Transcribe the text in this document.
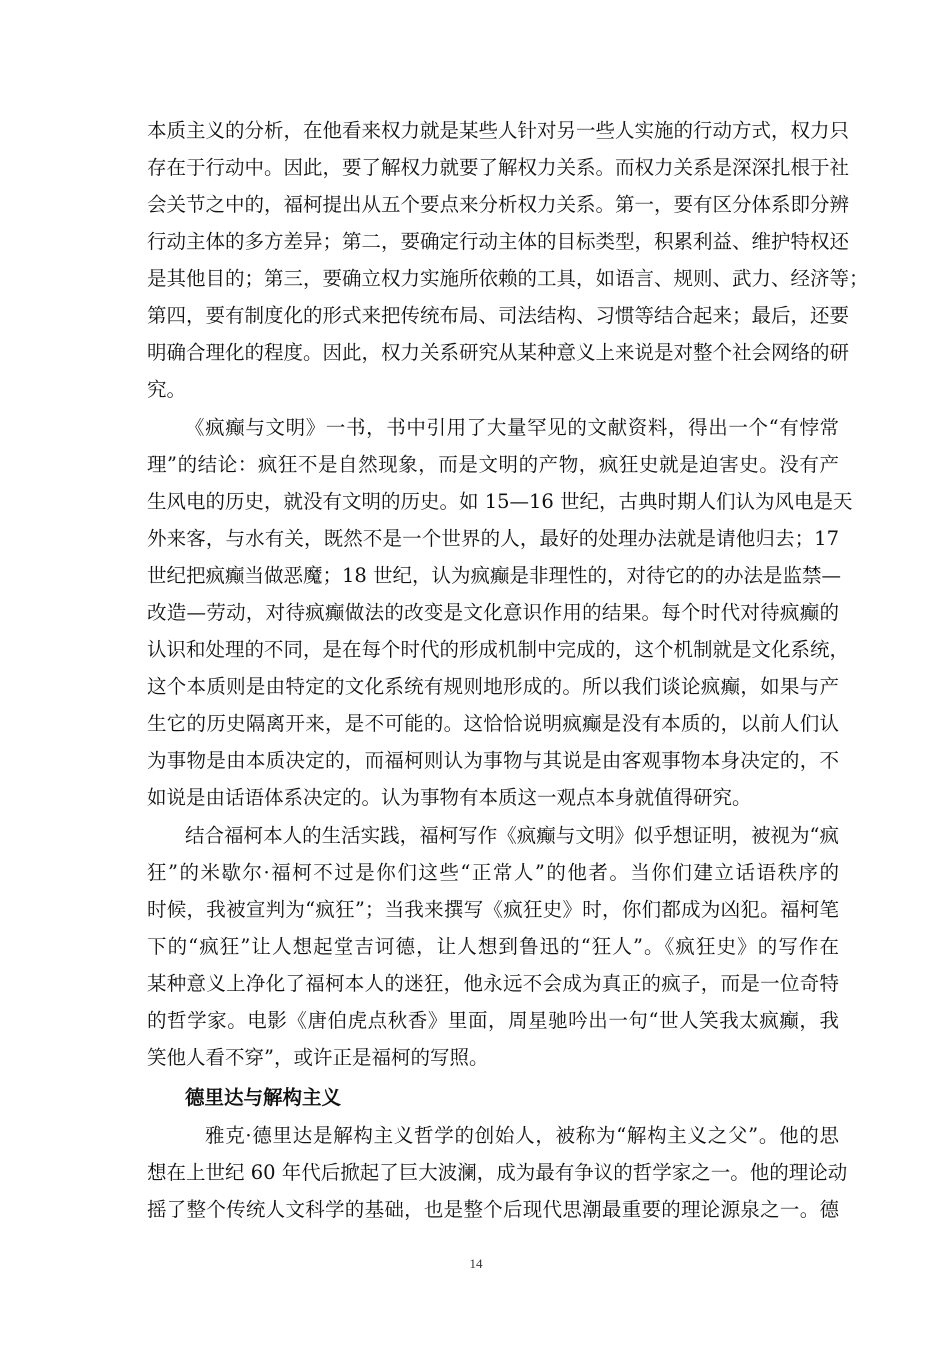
本质主义的分析，在他看来权力就是某些人针对另一些人实施的行动方式，权力只
存在于行动中。因此，要了解权力就要了解权力关系。而权力关系是深深扎根于社
会关节之中的，福柯提出从五个要点来分析权力关系。第一，要有区分体系即分辨
行动主体的多方差异；第二，要确定行动主体的目标类型，积累利益、维护特权还
是其他目的；第三，要确立权力实施所依赖的工具，如语言、规则、武力、经济等；
第四，要有制度化的形式来把传统布局、司法结构、习惯等结合起来；最后，还要
明确合理化的程度。因此，权力关系研究从某种意义上来说是对整个社会网络的研
究。
《疯癫与文明》一书，书中引用了大量罕见的文献资料，得出一个“有悖常
理”的结论：疯狂不是自然现象，而是文明的产物，疯狂史就是迫害史。没有产
生风电的历史，就没有文明的历史。如 15—16 世纪，古典时期人们认为风电是天
外来客，与水有关，既然不是一个世界的人，最好的处理办法就是请他归去；17
世纪把疯癫当做恶魔；18 世纪，认为疯癫是非理性的，对待它的的办法是监禁—
改造—劳动，对待疯癫做法的改变是文化意识作用的结果。每个时代对待疯癫的
认识和处理的不同，是在每个时代的形成机制中完成的，这个机制就是文化系统，
这个本质则是由特定的文化系统有规则地形成的。所以我们谈论疯癫，如果与产
生它的历史隔离开来，是不可能的。这恰恰说明疯癫是没有本质的，以前人们认
为事物是由本质决定的，而福柯则认为事物与其说是由客观事物本身决定的，不
如说是由话语体系决定的。认为事物有本质这一观点本身就值得研究。
结合福柯本人的生活实践，福柯写作《疯癫与文明》似乎想证明，被视为“疯
狂”的米歇尔·福柯不过是你们这些“正常人”的他者。当你们建立话语秩序的
时候，我被宣判为“疯狂”；当我来撰写《疯狂史》时，你们都成为凶犯。福柯笔
下的“疯狂”让人想起堂吉诃德，让人想到鲁迅的“狂人”。《疯狂史》的写作在
某种意义上净化了福柯本人的迷狂，他永远不会成为真正的疯子，而是一位奇特
的哲学家。电影《唐伯虎点秋香》里面，周星驰吟出一句“世人笑我太疯癫，我
笑他人看不穿”，或许正是福柯的写照。
德里达与解构主义
雅克·德里达是解构主义哲学的创始人，被称为“解构主义之父”。他的思
想在上世纪 60 年代后掀起了巨大波澜，成为最有争议的哲学家之一。他的理论动
摇了整个传统人文科学的基础，也是整个后现代思潮最重要的理论源泉之一。德
14
